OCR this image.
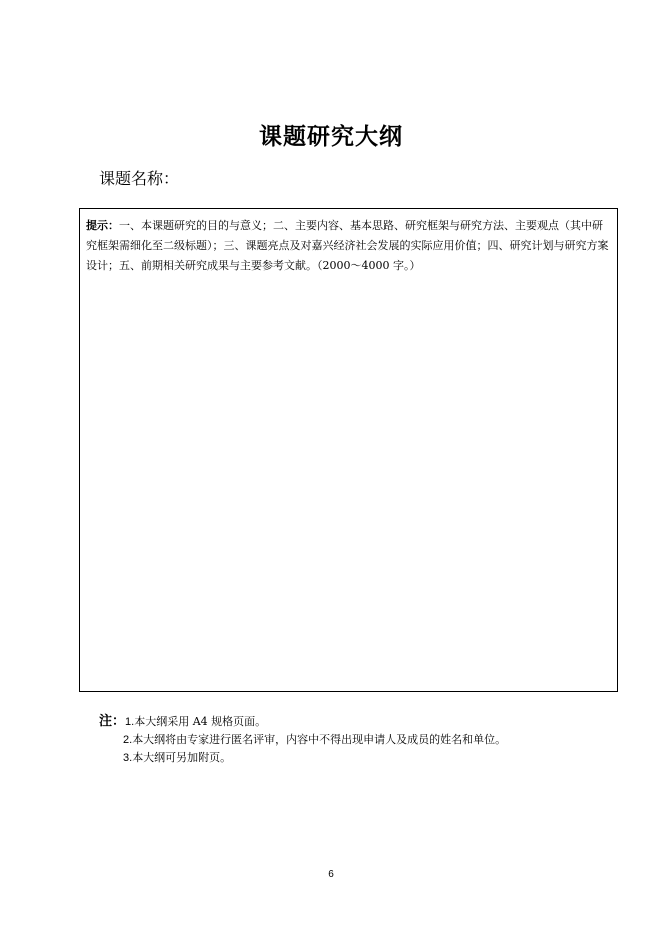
课题研究大纲
课题名称：

提示：一、本课题研究的目的与意义；二、主要内容、基本思路、研究框架与研究方法、主要观点（其中研究框架需细化至二级标题）；三、课题亮点及对嘉兴经济社会发展的实际应用价值；四、研究计划与研究方案设计；五、前期相关研究成果与主要参考文献。（2000～4000 字。）

注：1.本大纲采用 A4 规格页面。
2.本大纲将由专家进行匿名评审，内容中不得出现申请人及成员的姓名和单位。
3.本大纲可另加附页。
6
